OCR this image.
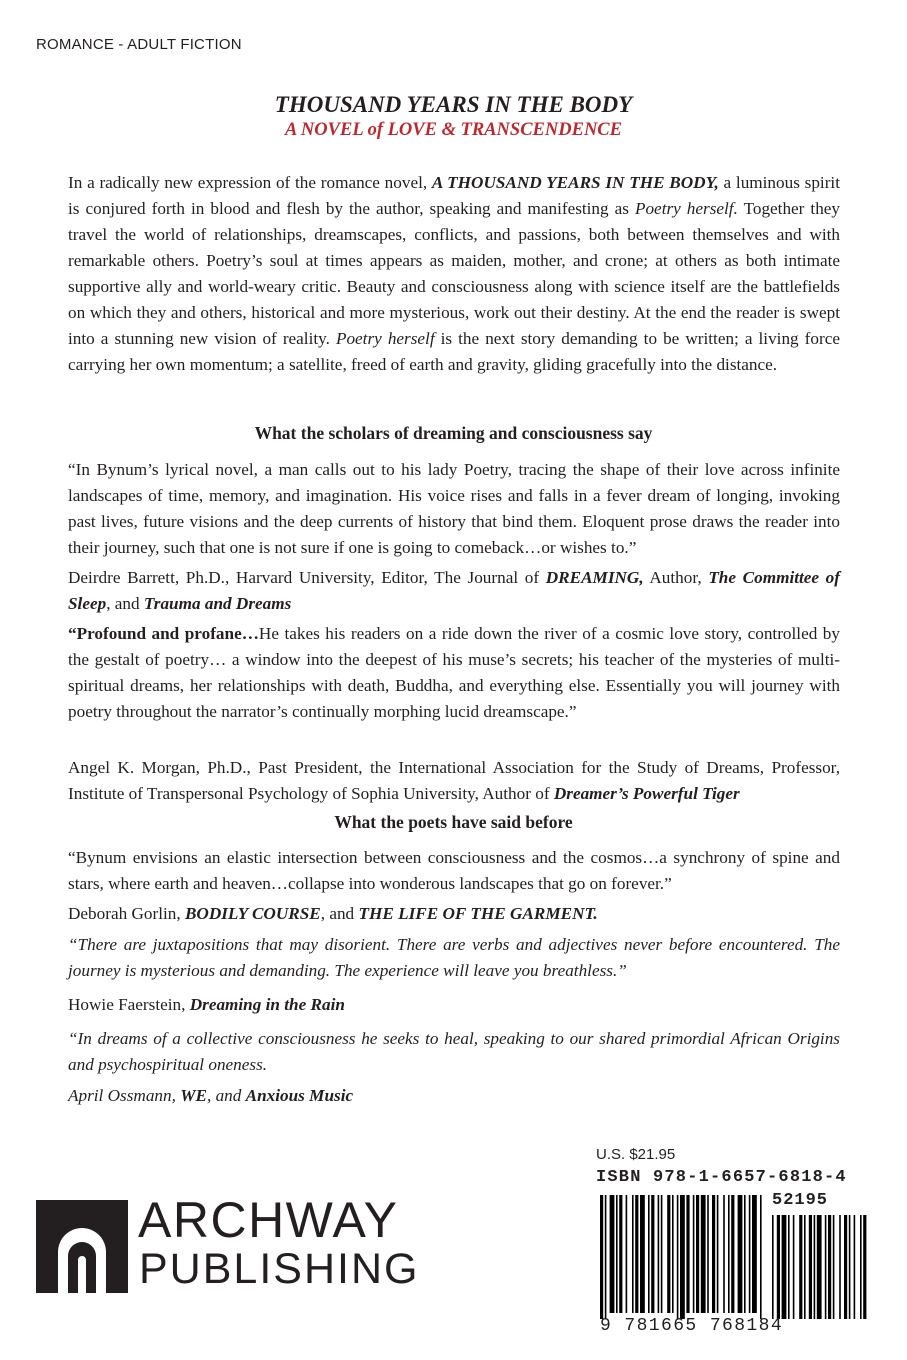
ROMANCE - ADULT FICTION
THOUSAND YEARS IN THE BODY
A NOVEL of LOVE & TRANSCENDENCE

In a radically new expression of the romance novel, A THOUSAND YEARS IN THE BODY, a luminous spirit is conjured forth in blood and flesh by the author, speaking and manifesting as Poetry herself. Together they travel the world of relationships, dreamscapes, conflicts, and passions, both between themselves and with remarkable others. Poetry’s soul at times appears as maiden, mother, and crone; at others as both intimate supportive ally and world-weary critic. Beauty and consciousness along with science itself are the battlefields on which they and others, historical and more mysterious, work out their destiny. At the end the reader is swept into a stunning new vision of reality. Poetry herself is the next story demanding to be written; a living force carrying her own momentum; a satellite, freed of earth and gravity, gliding gracefully into the distance.

What the scholars of dreaming and consciousness say

“In Bynum’s lyrical novel, a man calls out to his lady Poetry, tracing the shape of their love across infinite landscapes of time, memory, and imagination. His voice rises and falls in a fever dream of longing, invoking past lives, future visions and the deep currents of history that bind them. Eloquent prose draws the reader into their journey, such that one is not sure if one is going to comeback…or wishes to.”

Deirdre Barrett, Ph.D., Harvard University, Editor, The Journal of DREAMING, Author, The Committee of Sleep, and Trauma and Dreams

“Profound and profane…He takes his readers on a ride down the river of a cosmic love story, controlled by the gestalt of poetry… a window into the deepest of his muse’s secrets; his teacher of the mysteries of multi-spiritual dreams, her relationships with death, Buddha, and everything else. Essentially you will journey with poetry throughout the narrator’s continually morphing lucid dreamscape.”

Angel K. Morgan, Ph.D., Past President, the International Association for the Study of Dreams, Professor, Institute of Transpersonal Psychology of Sophia University, Author of Dreamer’s Powerful Tiger

What the poets have said before

“Bynum envisions an elastic intersection between consciousness and the cosmos…a synchrony of spine and stars, where earth and heaven…collapse into wonderous landscapes that go on forever.”

Deborah Gorlin, BODILY COURSE, and THE LIFE OF THE GARMENT.

“There are juxtapositions that may disorient. There are verbs and adjectives never before encountered. The journey is mysterious and demanding. The experience will leave you breathless.”

Howie Faerstein, Dreaming in the Rain

“In dreams of a collective consciousness he seeks to heal, speaking to our shared primordial African Origins and psychospiritual oneness.

April Ossmann, WE, and Anxious Music

ARCHWAY
PUBLISHING
U.S. $21.95
ISBN 978-1-6657-6818-4
52195
9 781665 768184
